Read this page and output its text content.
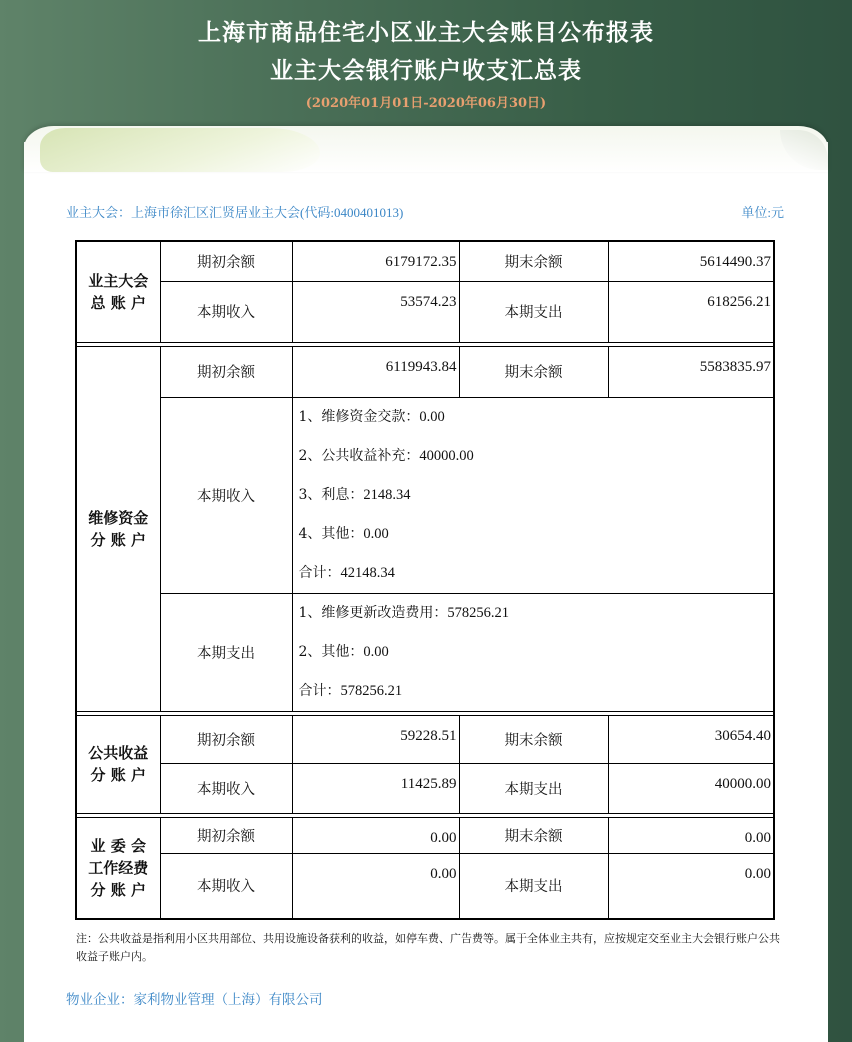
上海市商品住宅小区业主大会账目公布报表
业主大会银行账户收支汇总表
(2020年01月01日-2020年06月30日)
业主大会：上海市徐汇区汇贤居业主大会(代码:0400401013)	单位:元
业主大会
总 账 户	期初余额	6179172.35	期末余额	5614490.37
	本期收入	53574.23	本期支出	618256.21

维修资金
分 账 户	期初余额	6119943.84	期末余额	5583835.97
	本期收入	1、维修资金交款：0.00
2、公共收益补充：40000.00
3、利息：2148.34
4、其他：0.00
合计：42148.34		

	本期支出	1、维修更新改造费用：578256.21
2、其他：0.00
合计：578256.21		

公共收益
分 账 户	期初余额	59228.51	期末余额	30654.40
	本期收入	11425.89	本期支出	40000.00

业 委 会
工作经费
分 账 户	期初余额	0.00	期末余额	0.00
	本期收入	0.00	本期支出	0.00
注：公共收益是指利用小区共用部位、共用设施设备获利的收益，如停车费、广告费等。属于全体业主共有，应按规定交至业主大会银行账户公共收益子账户内。
物业企业：家利物业管理（上海）有限公司
